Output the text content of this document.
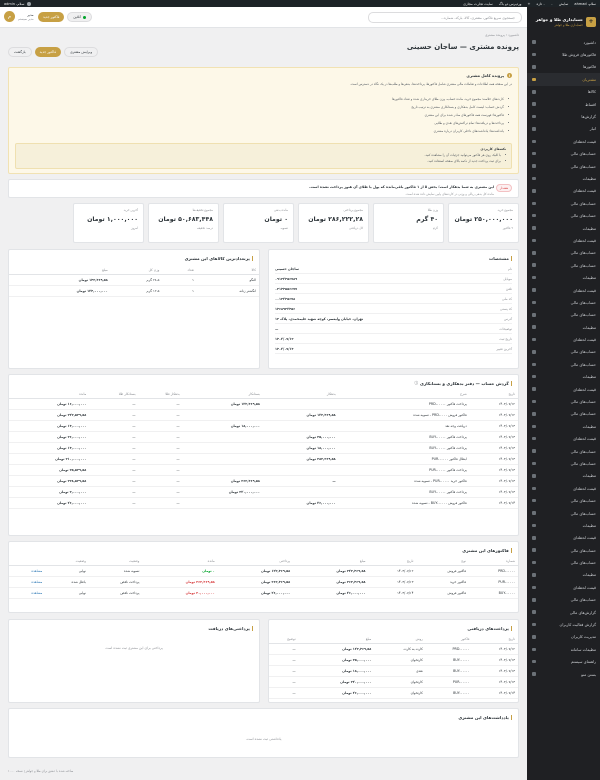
سلام، ahmad
نمایش
۰
۰ تازه
+
وردپرس دو باگ
سایت تجارت مجازی
سلام، admin
+
حسابداری طلا و جواهر
حسابداری طلا و جواهر
داشبورد
فاکتورهای فروش طلا
فاکتورها
مشتریان
کالاها
اقساط
گزارش‌ها
انبار
قیمت لحظه‌ای
حساب‌های مالی
حساب‌های مالی
تنظیمات
قیمت لحظه‌ای
حساب‌های مالی
حساب‌های مالی
تنظیمات
قیمت لحظه‌ای
حساب‌های مالی
حساب‌های مالی
تنظیمات
قیمت لحظه‌ای
حساب‌های مالی
حساب‌های مالی
تنظیمات
قیمت لحظه‌ای
حساب‌های مالی
حساب‌های مالی
تنظیمات
قیمت لحظه‌ای
حساب‌های مالی
حساب‌های مالی
تنظیمات
قیمت لحظه‌ای
حساب‌های مالی
حساب‌های مالی
تنظیمات
قیمت لحظه‌ای
حساب‌های مالی
حساب‌های مالی
تنظیمات
قیمت لحظه‌ای
حساب‌های مالی
حساب‌های مالی
تنظیمات
قیمت لحظه‌ای
حساب‌های مالی
گزارش‌های مالی
گزارش فعالیت کاربران
مدیریت کاربران
تنظیمات سامانه
راهنمای سیستم
بستن منو
جستجوی سریع فاکتور، مشتری، کالا، بارکد، شماره...
آنلاین
فاکتور جدید
مدیر
مدیر سیستم
م
داشبورد › پرونده مشتری
پرونده مشتری — ساجان حسینی
ویرایش مشتری
فاکتور جدید
بازگشت
!
پرونده کامل مشتری
در این صفحه همه اطلاعات و تعاملات مالی مشتری شامل فاکتورها، پرداخت‌ها، بدهی‌ها و طلب‌ها در یک نگاه در دسترس است.
• کارت‌های خلاصه: مجموع خرید، مانده حساب، وزن طلای خریداری شده و تعداد فاکتورها
• گردش حساب: لیست کامل بدهکاری و بستانکاری مشتری به ترتیب تاریخ
• فاکتورها: فهرست همه فاکتورهای صادر شده برای این مشتری
• پرداخت‌ها و دریافت‌ها: تمام تراکنش‌های نقدی و طلایی
• یادداشت‌ها: یادداشت‌های داخلی کاربران درباره مشتری
نکته‌های کاربردی
• با کلیک روی هر فاکتور می‌توانید جزئیات آن را مشاهده کنید.
• برای ثبت پرداخت جدید از دکمه بالای صفحه استفاده کنید.
هشدار
این مشتری به شما بدهکار است؛ بخش ۵ از ۱ فاکتور باقی‌مانده که پول یا طلای آن هنوز پرداخت نشده است.
مانده کل بدهی ریالی و وزنی در کارت‌های پایین نمایش داده شده است.
مجموع خرید
۲۵۰,۰۰۰,۰۰۰ تومان
۹ فاکتور
وزن طلا
۴۰ گرم
گرم
مجموع پرداختی
۲۸۶,۲۲۲,۲۸ تومان
کل دریافتی
مانده بدهی
۰ تومان
تسویه
مجموع تخفیف‌ها
۵۰,۶۸۳,۴۴۸ تومان
درصد تخفیف
آخرین خرید
۱,۰۰۰,۰۰۰ تومان
امروز
مشخصات
نام
ساجان حسینی
موبایل
۰۹۱۲۳۴۵۶۷۸۹
تلفن
۰۲۱۴۴۵۵۶۶۷۷
کد ملی
۰۰۱۲۳۴۵۶۷۸
کد پستی
۱۴۶۸۹۲۳۴۵۶
آدرس
تهران، خیابان ولیعصر، کوچه شهید علیمحمدی، پلاک ۱۲
توضیحات
—
تاریخ ثبت
۱۴۰۳/۰۷/۱۲
آخرین تغییر
۱۴۰۳/۰۷/۱۴
پرتعدادترین کالاهای این مشتری
کالا	تعداد	وزن کل	مبلغ
النگو	۱	۲۸.۵ گرم	۱۴۲,۴۶۹,۵۸ تومان
انگشتر زنانه	۱	۱۲.۵ گرم	۱۳۴,۰۰۰,۰۰۰ تومان
گردش حساب — دفتر بدهکاری و بستانکاری
ⓘ
تاریخ	شرح	بدهکار	بستانکار	بدهکار طلا	بستانکار طلا	مانده
۱۴۰۳/۰۷/۱۲	پرداخت فاکتور PRD-۰۰۰۰۰		۱۳۲,۴۶۹,۵۸ تومان	—	—	۱۶,۰۰۰,۰۰۰ تومان
۱۴۰۳/۰۷/۱۲	فاکتور فروش PRD-۰۰۰۰ - تسویه شده	۱۳۲,۴۶۹,۵۸ تومان		—	—	۲۳۲,۵۲۹,۵۸ تومان
۱۴۰۳/۰۷/۱۳	دریافت وجه نقد		۱۸,۰۰۰,۰۰۰ تومان	—	—	۱۴,۰۰۰,۰۰۰ تومان
۱۴۰۳/۰۷/۱۳	پرداخت فاکتور BUY-۰۰۰۰۰	۲۵,۰۰۰,۰۰۰ تومان		—	—	۲۶,۰۰۰,۰۰۰ تومان
۱۴۰۳/۰۷/۱۳	پرداخت فاکتور BUY-۰۰۰۰۰	۱۸,۰۰۰,۰۰۰ تومان		—	—	۱۴,۰۰۰,۰۰۰ تومان
۱۴۰۳/۰۷/۱۳	ابطال فاکتور PUR-۰۰۰۰۰	۲۸۲,۲۶۹,۵۸ تومان		—	—	۲۱۰,۰۰۰,۰۰۰ تومان
۱۴۰۳/۰۷/۱۳	پرداخت فاکتور PUR-۰۰۰۰۰			—	—	۲۵,۵۲۹,۵۸ تومان
۱۴۰۳/۰۷/۱۳	فاکتور خرید PUR-۰۰۰۰۰ - تسویه شده	—	۲۶۲,۴۶۹,۵۸ تومان	—	—	۲۲۸,۵۲۹,۵۸ تومان
۱۴۰۳/۰۷/۱۳	پرداخت فاکتور BUY-۰۰۰۰۰		۲۳۰,۰۰۰,۰۰۰ تومان	—	—	۲,۰۰۰,۰۰۰ تومان
۱۴۰۳/۰۷/۱۴	فاکتور فروش BUY-۰۰۰۰۰ - تسویه شده	۳۶,۰۰۰,۰۰۰ تومان		—	—	۳۶,۰۰۰,۰۰۰ تومان
فاکتورهای این مشتری
شماره	نوع	تاریخ	مبلغ	پرداختی	مانده	وضعیت	وضعیت	
PRD-۰۰۰۰۰	فاکتور فروش	۱۴۰۳/۰۷/۱۲	۲۳۲,۴۶۹,۵۸ تومان	۱۳۲,۴۶۹,۵۸ تومان	۰ تومان	تسویه شده	نهایی	مشاهده
PUR-۰۰۰۰۰	فاکتور خرید	۱۴۰۳/۰۷/۱۳	۲۶۲,۴۶۹,۵۸ تومان	۲۶۲,۴۶۹,۵۸ تومان	۲۶۲,۴۶۹,۵۸ تومان	پرداخت ناقص	باطل شده	مشاهده
BUY-۰۰۰۰۰	فاکتور فروش	۱۴۰۳/۰۷/۱۴	۳۶,۰۰۰,۰۰۰ تومان	۳۶,۰۰۰,۰۰۰ تومان	۲۰,۰۰۰,۰۰۰ تومان	پرداخت ناقص	نهایی	مشاهده
پرداخت‌های دریافتی
تاریخ	فاکتور	روش	مبلغ	توضیح
۱۴۰۳/۰۷/۱۲	PRD-۰۰۰۰۰	کارت به کارت	۱۳۲,۴۶۹,۵۸ تومان	—
۱۴۰۳/۰۷/۱۳	BUY-۰۰۰۰۰	کارتخوان	۲۵,۰۰۰,۰۰۰ تومان	—
۱۴۰۳/۰۷/۱۳	BUY-۰۰۰۰۰	نقدی	۱۸,۰۰۰,۰۰۰ تومان	—
۱۴۰۳/۰۷/۱۳	PUR-۰۰۰۰۰	کارتخوان	۲۳۰,۰۰۰,۰۰۰ تومان	—
۱۴۰۳/۰۷/۱۴	BUY-۰۰۰۰۰	کارتخوان	۳۶,۰۰۰,۰۰۰ تومان	—
پرداختی‌های دریافت
پرداختی برای این مشتری ثبت نشده است
یادداشت‌های این مشتری
یادداشتی ثبت نشده است.
ساخته شده با عشق برای طلا و جواهر | نسخه ۱.۰.۰
